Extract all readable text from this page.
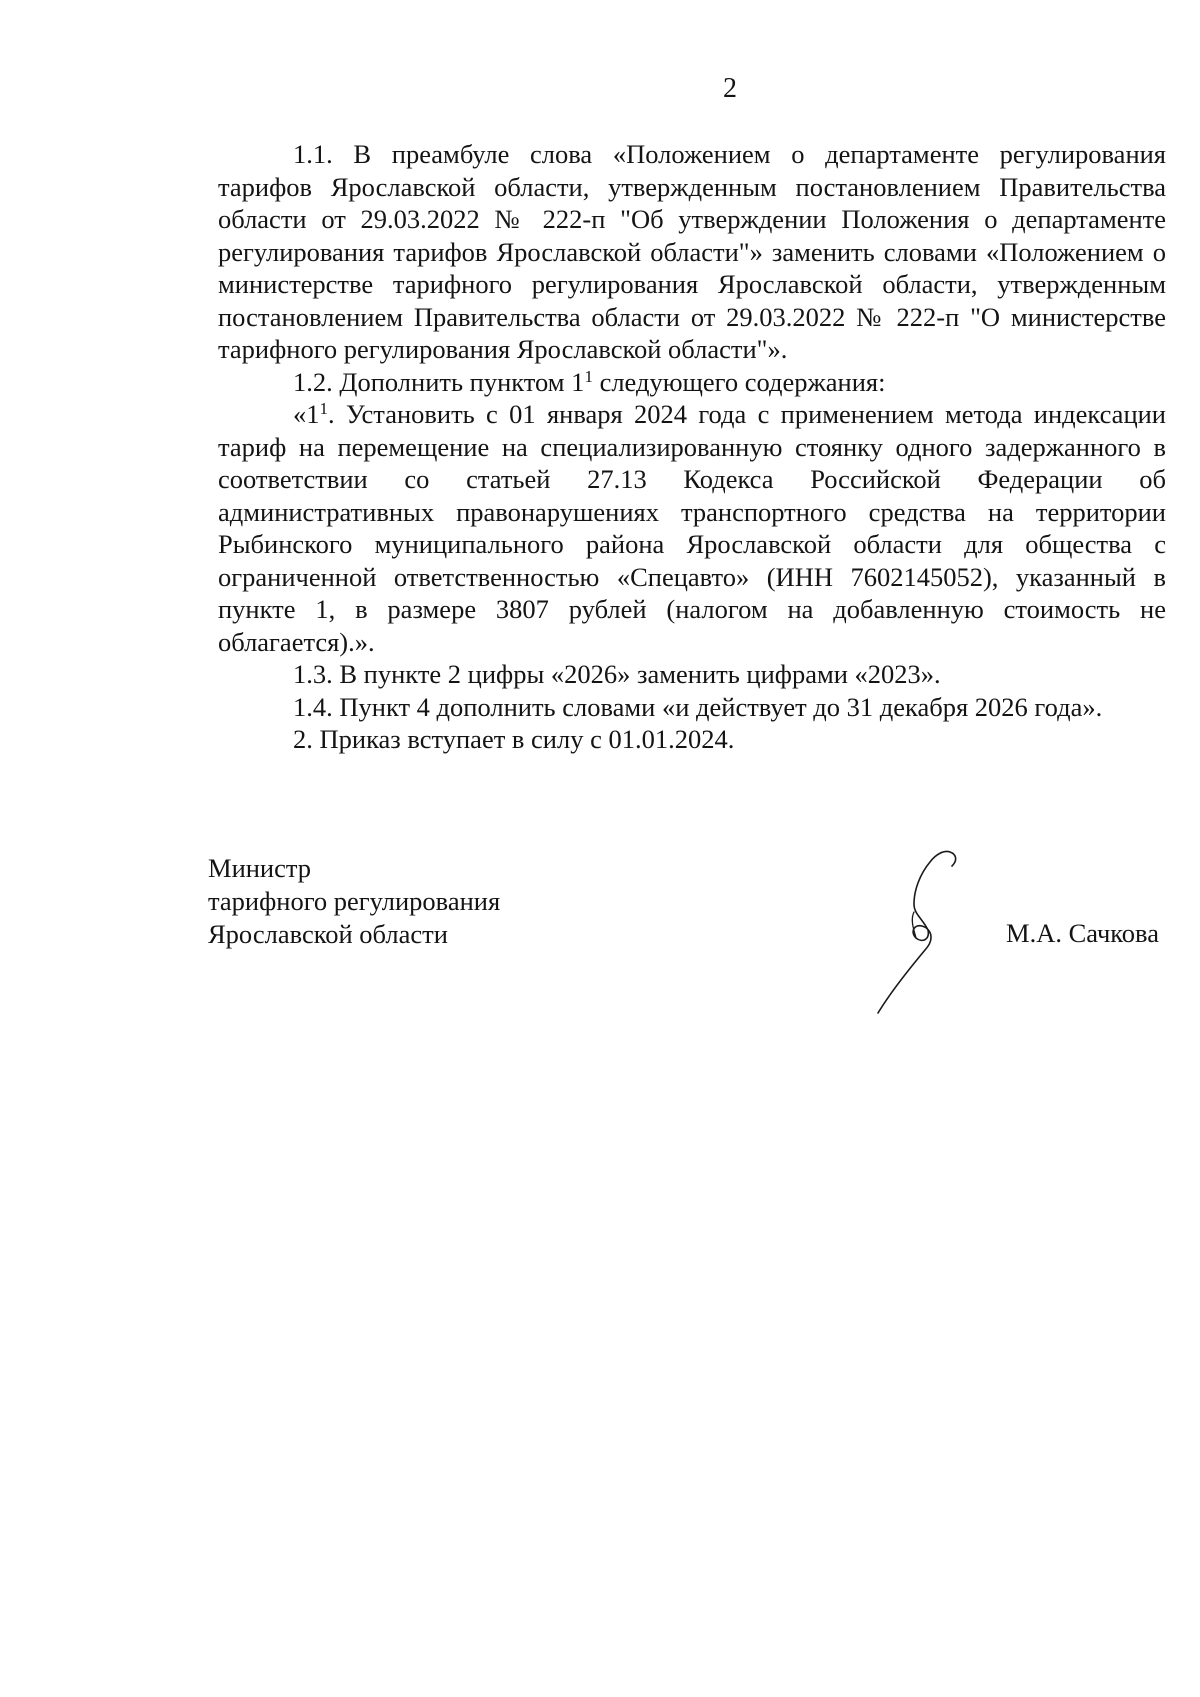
2

1.1. В преамбуле слова «Положением о департаменте регулирования тарифов Ярославской области, утвержденным постановлением Правительства области от 29.03.2022 № 222-п "Об утверждении Положения о департаменте регулирования тарифов Ярославской области"» заменить словами «Положением о министерстве тарифного регулирования Ярославской области, утвержденным постановлением Правительства области от 29.03.2022 № 222-п "О министерстве тарифного регулирования Ярославской области"».

1.2. Дополнить пунктом $1^1$ следующего содержания:

«$1^1$. Установить с 01 января 2024 года с применением метода индексации тариф на перемещение на специализированную стоянку одного задержанного в соответствии со статьей 27.13 Кодекса Российской Федерации об административных правонарушениях транспортного средства на территории Рыбинского муниципального района Ярославской области для общества с ограниченной ответственностью «Спецавто» (ИНН 7602145052), указанный в пункте 1, в размере 3807 рублей (налогом на добавленную стоимость не облагается).».

1.3. В пункте 2 цифры «2026» заменить цифрами «2023».

1.4. Пункт 4 дополнить словами «и действует до 31 декабря 2026 года».

2. Приказ вступает в силу с 01.01.2024.

Министр
тарифного регулирования
Ярославской области	М.А. Сачкова
